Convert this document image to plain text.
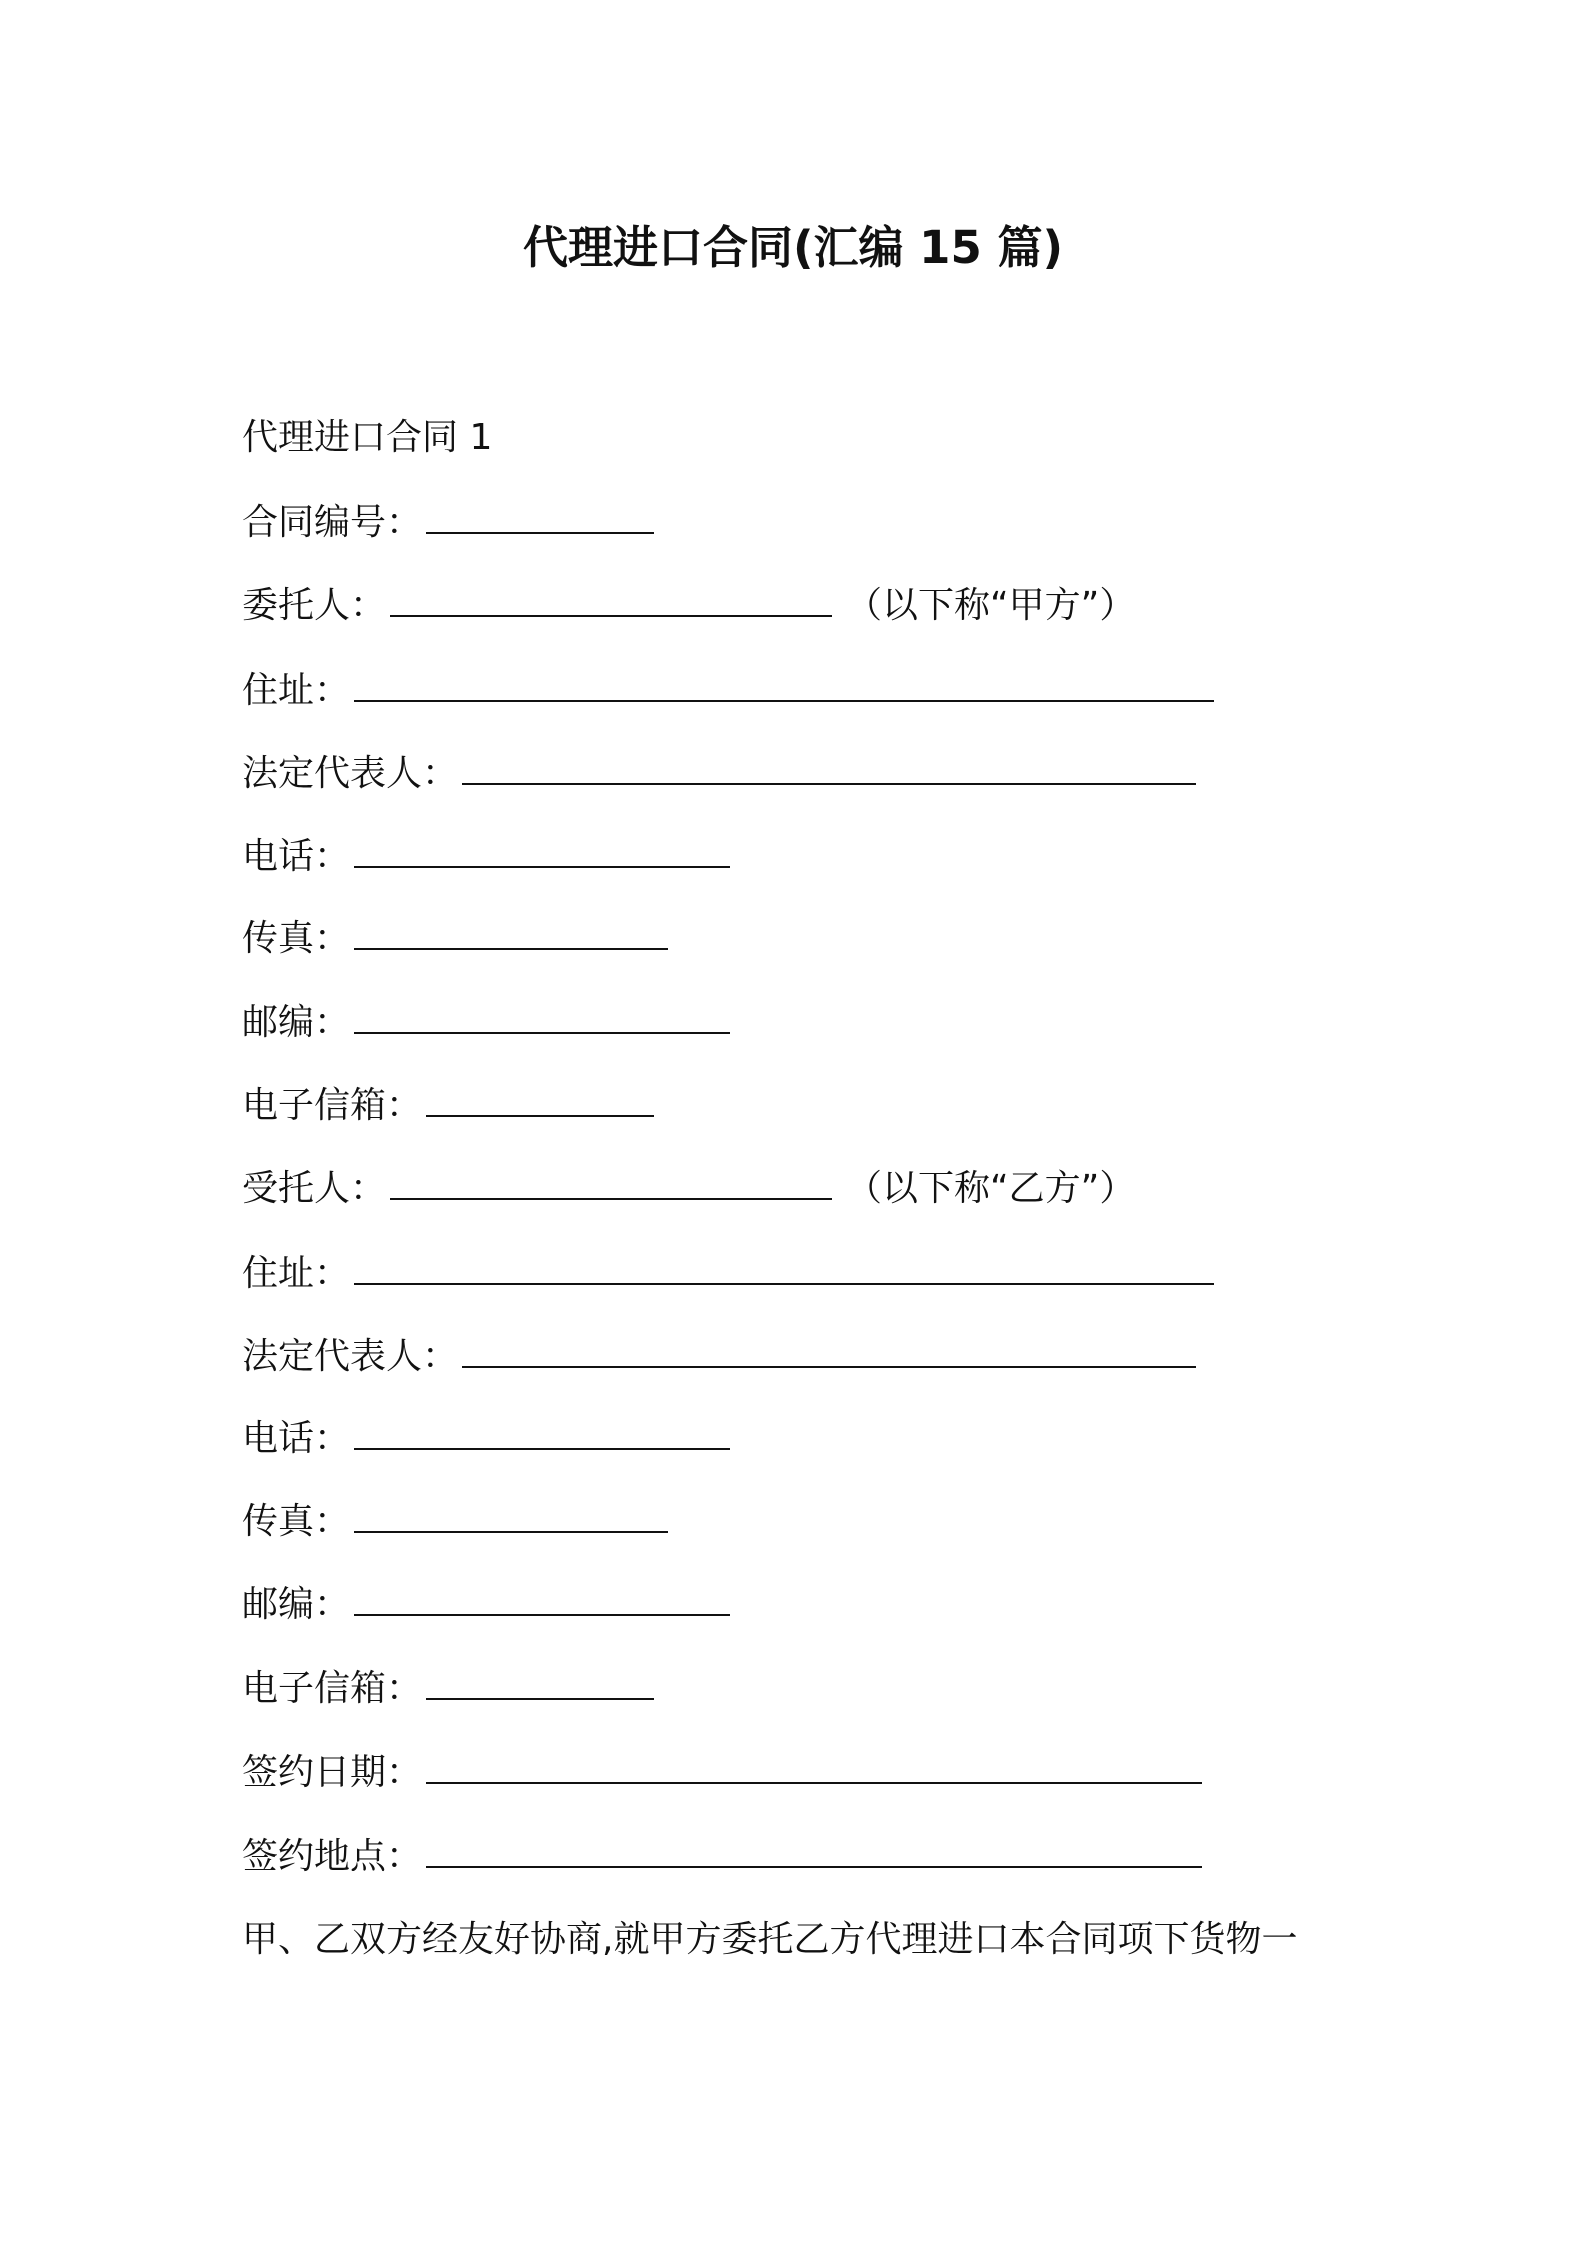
代理进口合同(汇编 15 篇)
代理进口合同 1
合同编号：
委托人：	（以下称“甲方”）
住址：
法定代表人：
电话：
传真：
邮编：
电子信箱：
受托人：	（以下称“乙方”）
住址：
法定代表人：
电话：
传真：
邮编：
电子信箱：
签约日期：
签约地点：
甲、乙双方经友好协商,就甲方委托乙方代理进口本合同项下货物一
